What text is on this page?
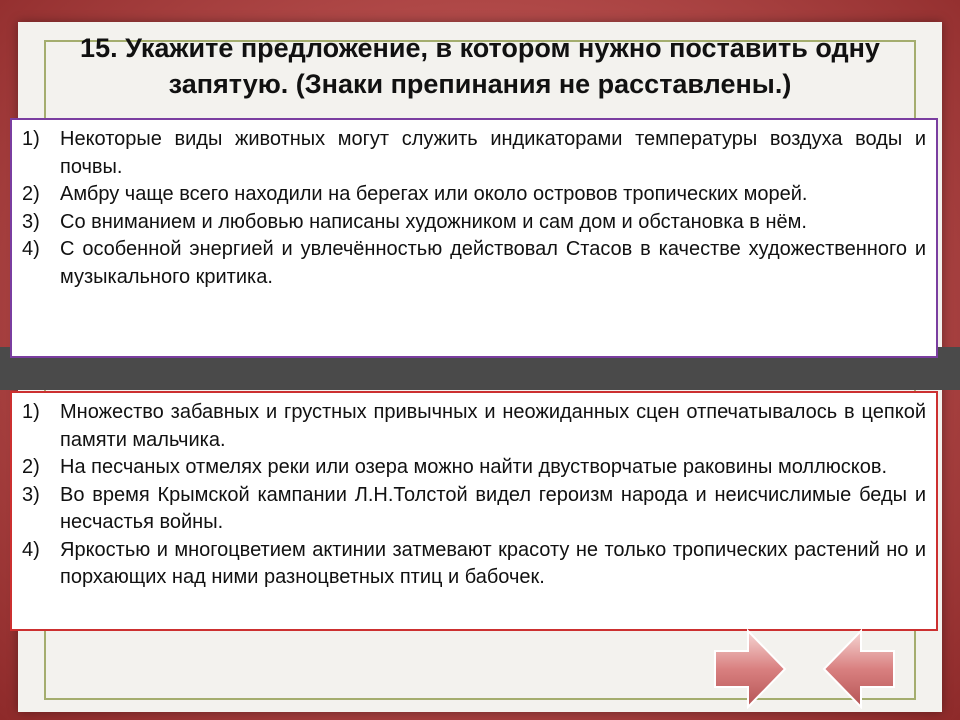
15. Укажите предложение, в котором нужно поставить одну запятую. (Знаки препинания не расставлены.)
1) Некоторые виды животных могут служить индикаторами температуры воздуха воды и почвы.
2) Амбру чаще всего находили на берегах или около островов тропических морей.
3) Со вниманием и любовью написаны художником и сам дом и обстановка в нём.
4) С особенной энергией и увлечённостью действовал Стасов в качестве художественного и музыкального критика.
1) Множество забавных и грустных привычных и неожиданных сцен отпечатывалось в цепкой памяти мальчика.
2) На песчаных отмелях реки или озера можно найти двустворчатые раковины моллюсков.
3) Во время Крымской кампании Л.Н.Толстой видел героизм народа и неисчислимые беды и несчастья войны.
4) Яркостью и многоцветием актинии затмевают красоту не только тропических растений но и порхающих над ними разноцветных птиц и бабочек.
